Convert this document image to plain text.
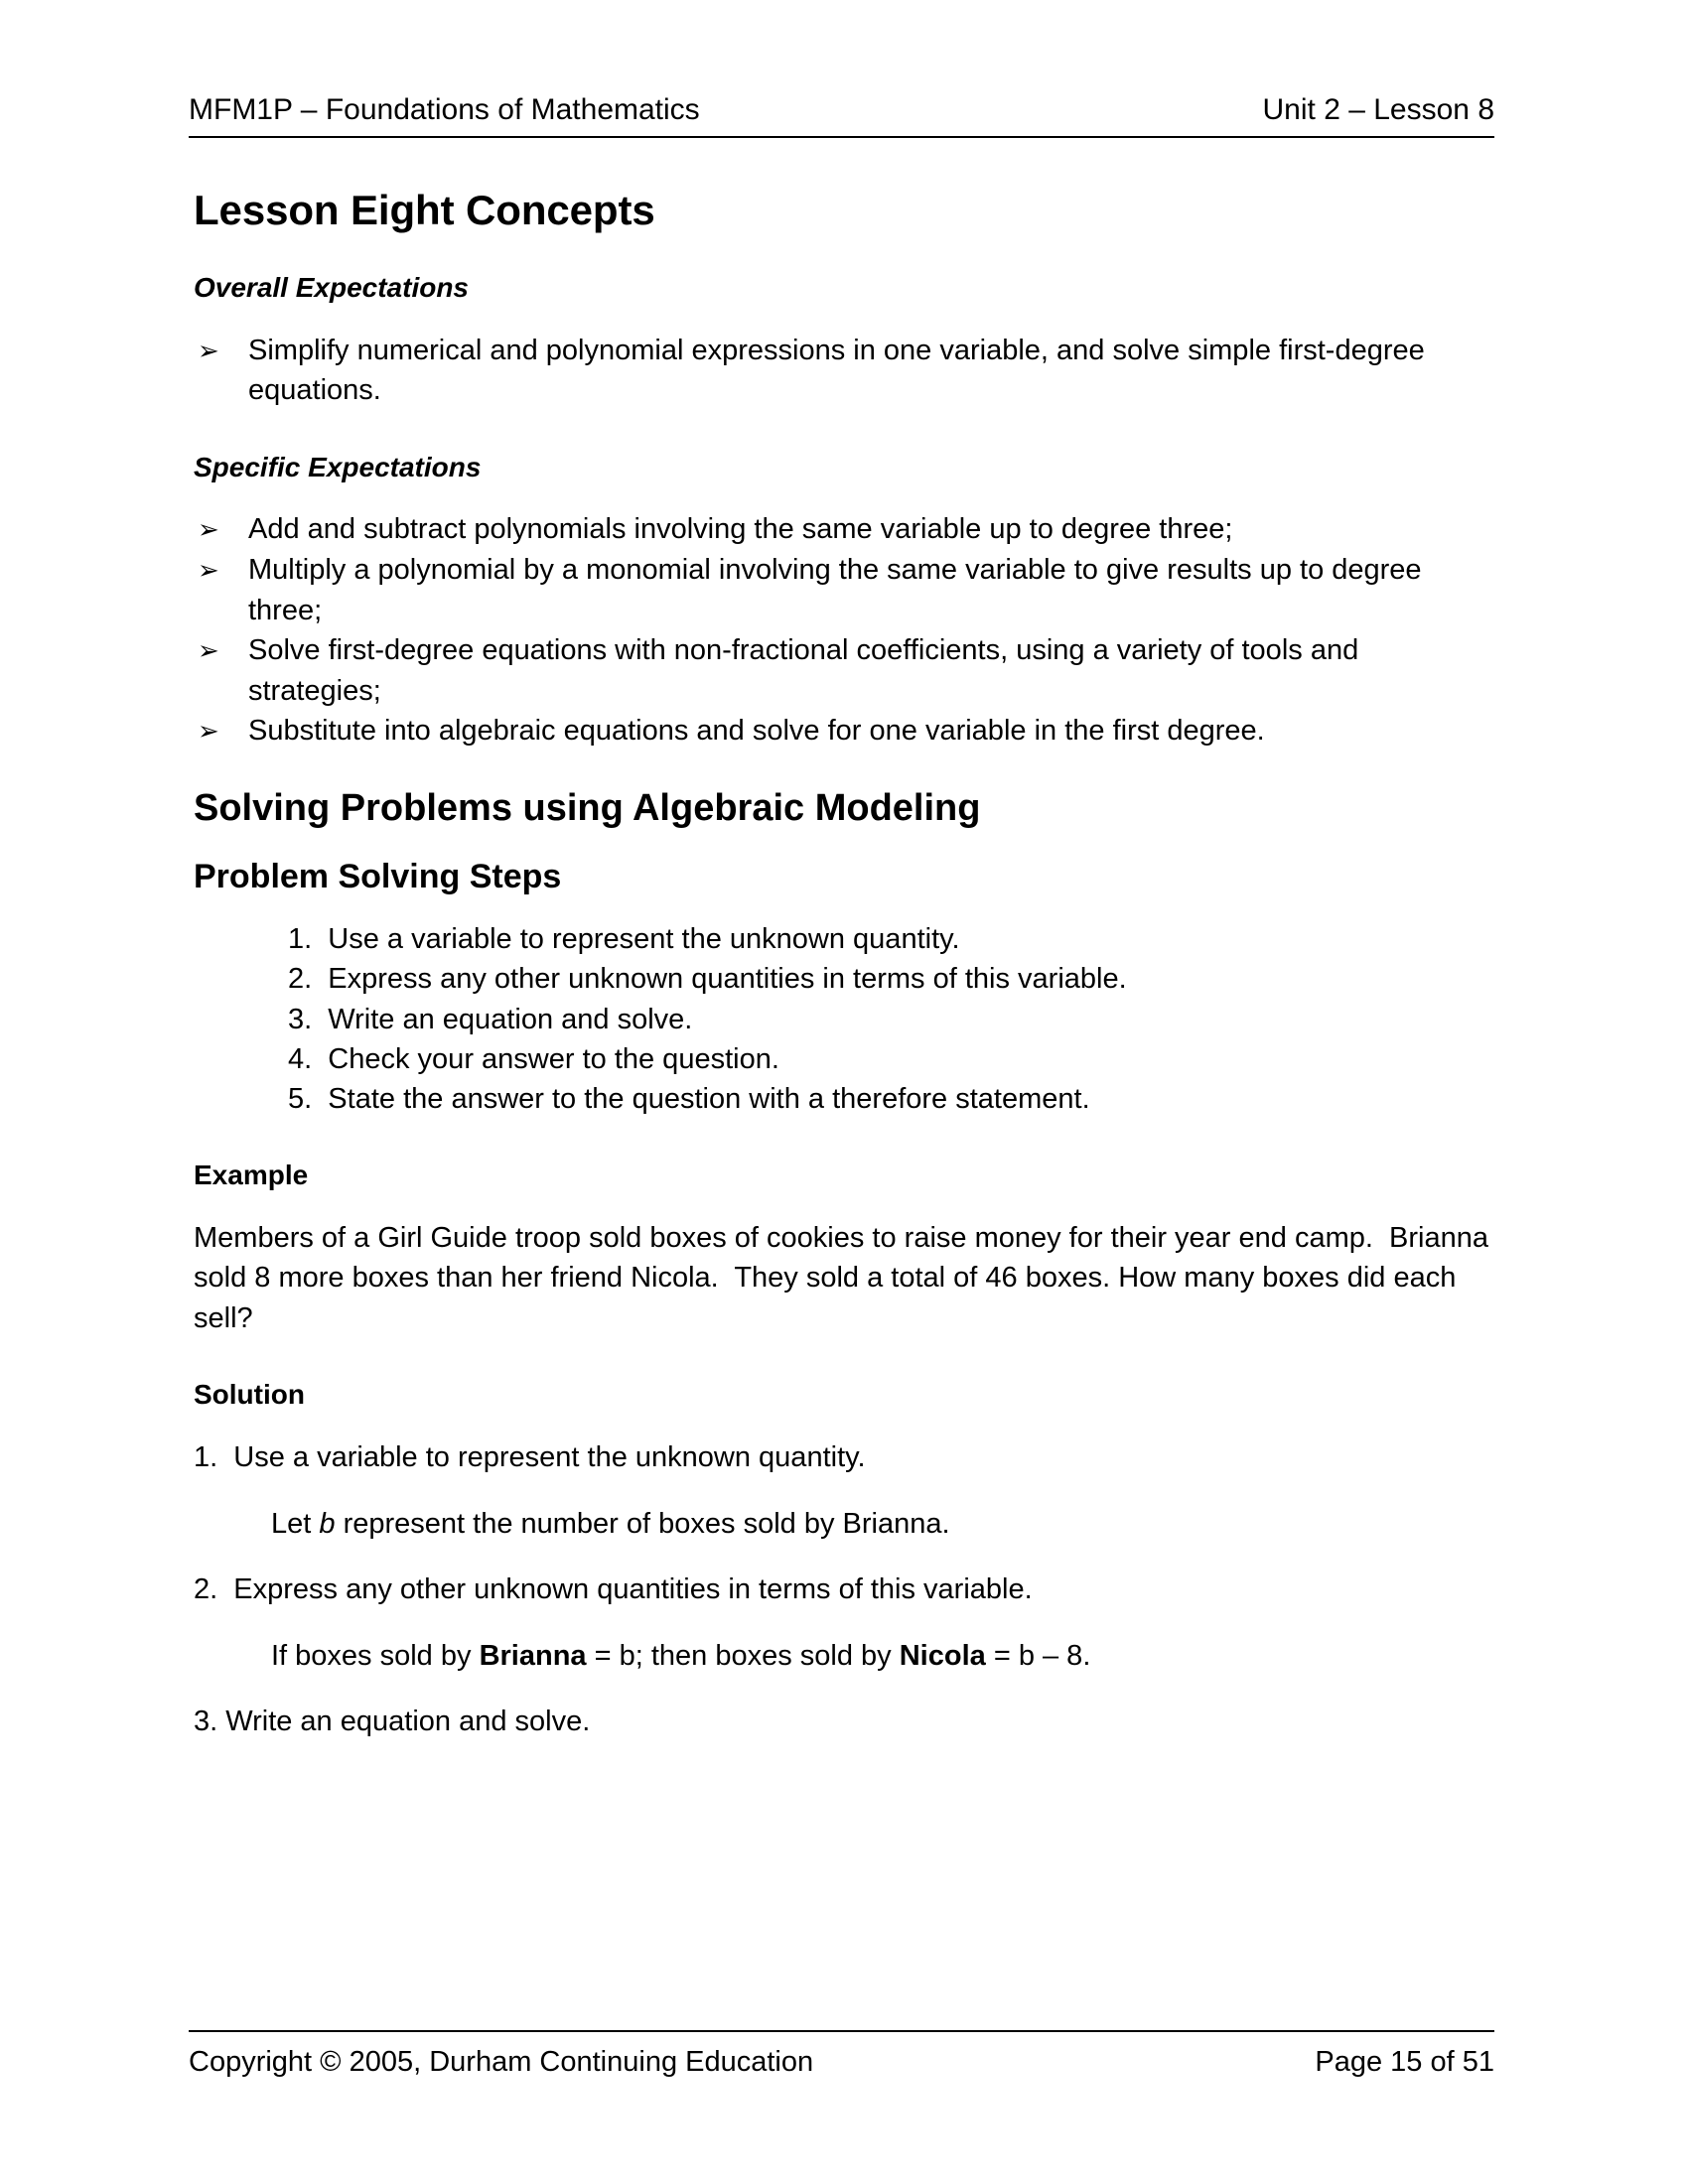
MFM1P – Foundations of Mathematics	Unit 2 – Lesson 8
Lesson Eight Concepts
Overall Expectations
➢ Simplify numerical and polynomial expressions in one variable, and solve simple first-degree equations.
Specific Expectations
➢ Add and subtract polynomials involving the same variable up to degree three;
➢ Multiply a polynomial by a monomial involving the same variable to give results up to degree three;
➢ Solve first-degree equations with non-fractional coefficients, using a variety of tools and strategies;
➢ Substitute into algebraic equations and solve for one variable in the first degree.
Solving Problems using Algebraic Modeling
Problem Solving Steps
1.  Use a variable to represent the unknown quantity.
2.  Express any other unknown quantities in terms of this variable.
3.  Write an equation and solve.
4.  Check your answer to the question.
5.  State the answer to the question with a therefore statement.
Example

Members of a Girl Guide troop sold boxes of cookies to raise money for their year end camp.  Brianna sold 8 more boxes than her friend Nicola.  They sold a total of 46 boxes. How many boxes did each sell?

Solution
1.  Use a variable to represent the unknown quantity.
Let b represent the number of boxes sold by Brianna.
2.  Express any other unknown quantities in terms of this variable.
If boxes sold by Brianna = b; then boxes sold by Nicola = b – 8.
3. Write an equation and solve.
Copyright © 2005, Durham Continuing Education	Page 15 of 51
